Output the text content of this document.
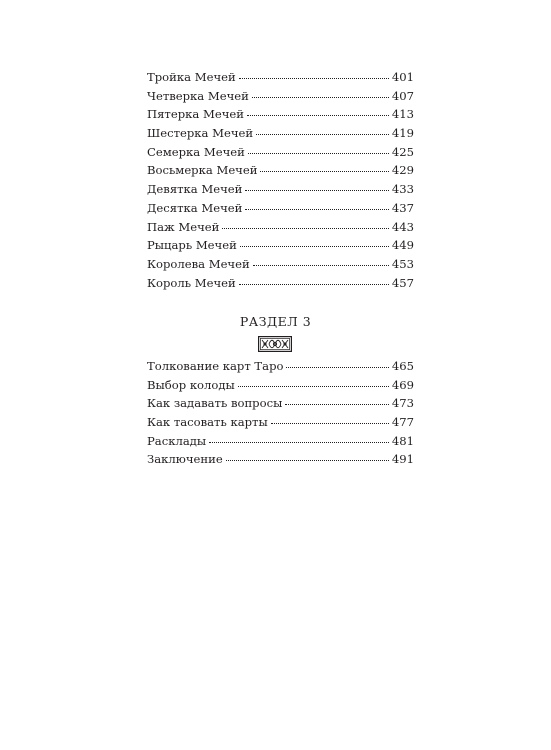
Тройка Мечей	401
Четверка Мечей	407
Пятерка Мечей	413
Шестерка Мечей	419
Семерка Мечей	425
Восьмерка Мечей	429
Девятка Мечей	433
Десятка Мечей	437
Паж Мечей	443
Рыцарь Мечей	449
Королева Мечей	453
Король Мечей	457
РАЗДЕЛ 3
Толкование карт Таро	465
Выбор колоды	469
Как задавать вопросы	473
Как тасовать карты	477
Расклады	481
Заключение	491
